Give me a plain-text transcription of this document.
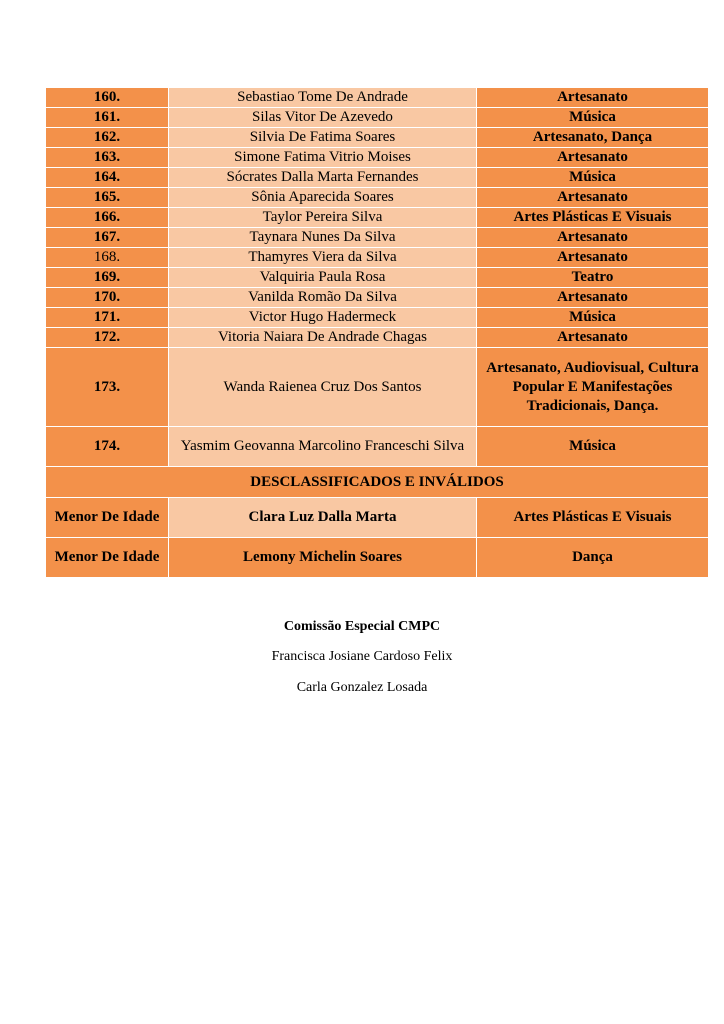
160.	Sebastiao Tome De Andrade	Artesanato
161.	Silas Vitor De Azevedo	Música
162.	Silvia De Fatima Soares	Artesanato, Dança
163.	Simone Fatima Vitrio Moises	Artesanato
164.	Sócrates Dalla Marta Fernandes	Música
165.	Sônia Aparecida Soares	Artesanato
166.	Taylor Pereira Silva	Artes Plásticas E Visuais
167.	Taynara Nunes Da Silva	Artesanato
168.	Thamyres Viera da Silva	Artesanato
169.	Valquiria Paula Rosa	Teatro
170.	Vanilda Romão Da Silva	Artesanato
171.	Victor Hugo Hadermeck	Música
172.	Vitoria Naiara De Andrade Chagas	Artesanato
173.	Wanda Raienea Cruz Dos Santos	Artesanato, Audiovisual, Cultura Popular E Manifestações Tradicionais, Dança.
174.	Yasmim Geovanna Marcolino Franceschi Silva	Música
DESCLASSIFICADOS E INVÁLIDOS		
Menor De Idade	Clara Luz Dalla Marta	Artes Plásticas E Visuais
Menor De Idade	Lemony Michelin Soares	Dança
Comissão Especial CMPC
Francisca Josiane Cardoso Felix
Carla Gonzalez Losada
